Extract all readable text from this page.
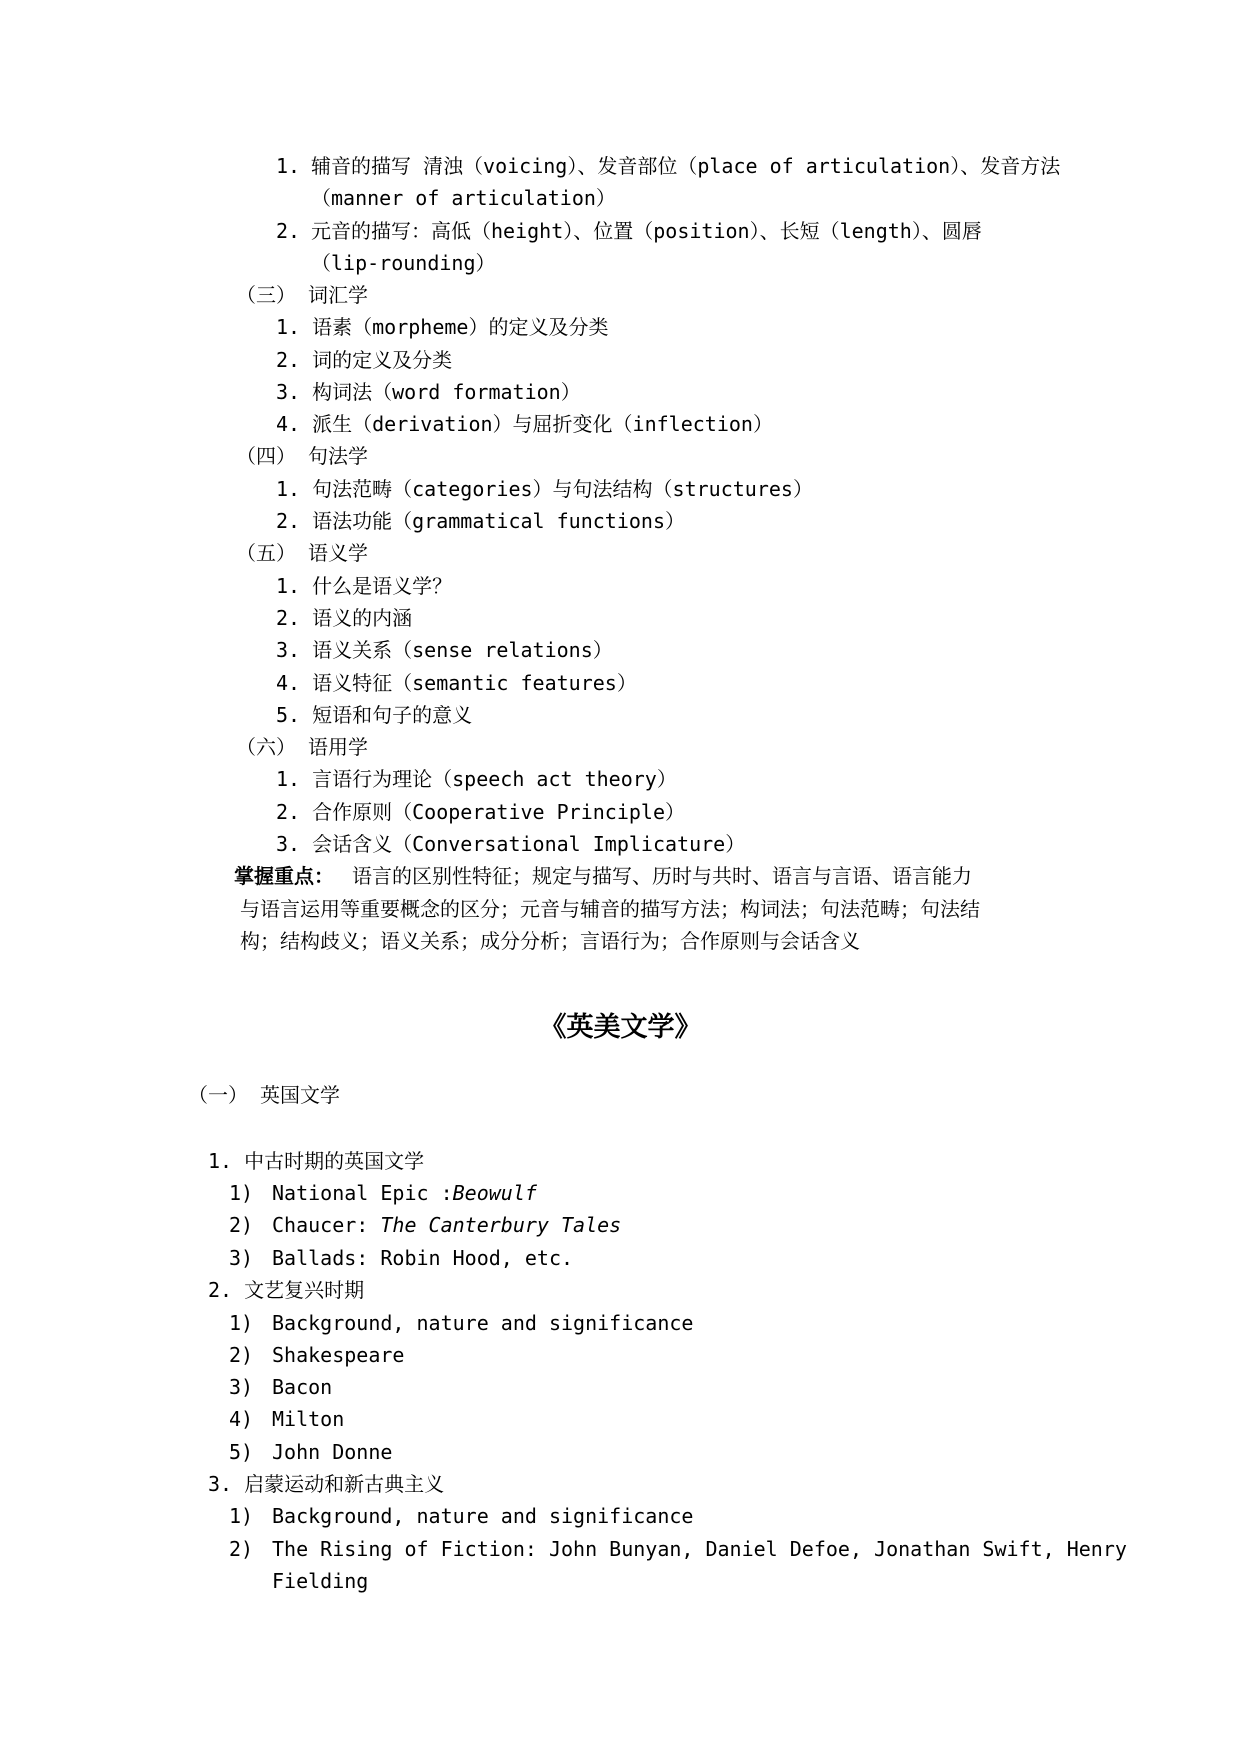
1. 辅音的描写 清浊（voicing）、发音部位（place of articulation）、发音方法
（manner of articulation）
2. 元音的描写：高低（height）、位置（position）、长短（length）、圆唇
（lip-rounding）
（三） 词汇学
1. 语素（morpheme）的定义及分类
2. 词的定义及分类
3. 构词法（word formation）
4. 派生（derivation）与屈折变化（inflection）
（四） 句法学
1. 句法范畴（categories）与句法结构（structures）
2. 语法功能（grammatical functions）
（五） 语义学
1. 什么是语义学？
2. 语义的内涵
3. 语义关系（sense relations）
4. 语义特征（semantic features）
5. 短语和句子的意义
（六） 语用学
1. 言语行为理论（speech act theory）
2. 合作原则（Cooperative Principle）
3. 会话含义（Conversational Implicature）
掌握重点： 语言的区别性特征；规定与描写、历时与共时、语言与言语、语言能力
与语言运用等重要概念的区分；元音与辅音的描写方法；构词法；句法范畴；句法结
构；结构歧义；语义关系；成分分析；言语行为；合作原则与会话含义
《英美文学》
（一） 英国文学
1. 中古时期的英国文学
1) National Epic :Beowulf
2) Chaucer: The Canterbury Tales
3) Ballads: Robin Hood, etc.
2. 文艺复兴时期
1) Background, nature and significance
2) Shakespeare
3) Bacon
4) Milton
5) John Donne
3. 启蒙运动和新古典主义
1) Background, nature and significance
2) The Rising of Fiction: John Bunyan, Daniel Defoe, Jonathan Swift, Henry
Fielding
